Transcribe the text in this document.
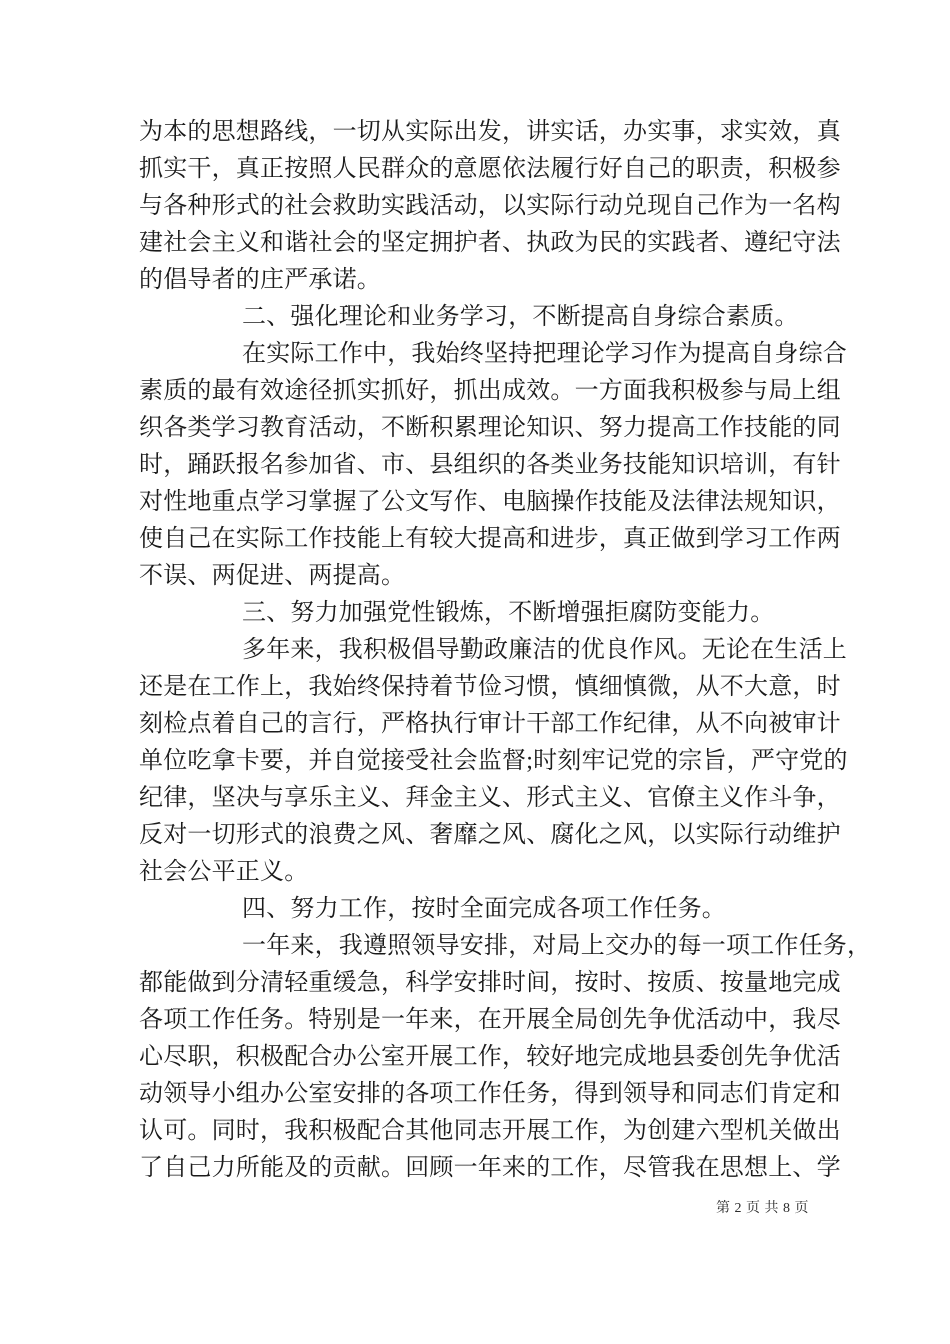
为本的思想路线，一切从实际出发，讲实话，办实事，求实效，真
抓实干，真正按照人民群众的意愿依法履行好自己的职责，积极参
与各种形式的社会救助实践活动，以实际行动兑现自己作为一名构
建社会主义和谐社会的坚定拥护者、执政为民的实践者、遵纪守法
的倡导者的庄严承诺。
二、强化理论和业务学习，不断提高自身综合素质。
在实际工作中，我始终坚持把理论学习作为提高自身综合
素质的最有效途径抓实抓好，抓出成效。一方面我积极参与局上组
织各类学习教育活动，不断积累理论知识、努力提高工作技能的同
时，踊跃报名参加省、市、县组织的各类业务技能知识培训，有针
对性地重点学习掌握了公文写作、电脑操作技能及法律法规知识，
使自己在实际工作技能上有较大提高和进步，真正做到学习工作两
不误、两促进、两提高。
三、努力加强党性锻炼，不断增强拒腐防变能力。
多年来，我积极倡导勤政廉洁的优良作风。无论在生活上
还是在工作上，我始终保持着节俭习惯，慎细慎微，从不大意，时
刻检点着自己的言行，严格执行审计干部工作纪律，从不向被审计
单位吃拿卡要，并自觉接受社会监督;时刻牢记党的宗旨，严守党的
纪律，坚决与享乐主义、拜金主义、形式主义、官僚主义作斗争，
反对一切形式的浪费之风、奢靡之风、腐化之风，以实际行动维护
社会公平正义。
四、努力工作，按时全面完成各项工作任务。
一年来，我遵照领导安排，对局上交办的每一项工作任务，
都能做到分清轻重缓急，科学安排时间，按时、按质、按量地完成
各项工作任务。特别是一年来，在开展全局创先争优活动中，我尽
心尽职，积极配合办公室开展工作，较好地完成地县委创先争优活
动领导小组办公室安排的各项工作任务，得到领导和同志们肯定和
认可。同时，我积极配合其他同志开展工作，为创建六型机关做出
了自己力所能及的贡献。回顾一年来的工作，尽管我在思想上、学
第 2 页 共 8 页
